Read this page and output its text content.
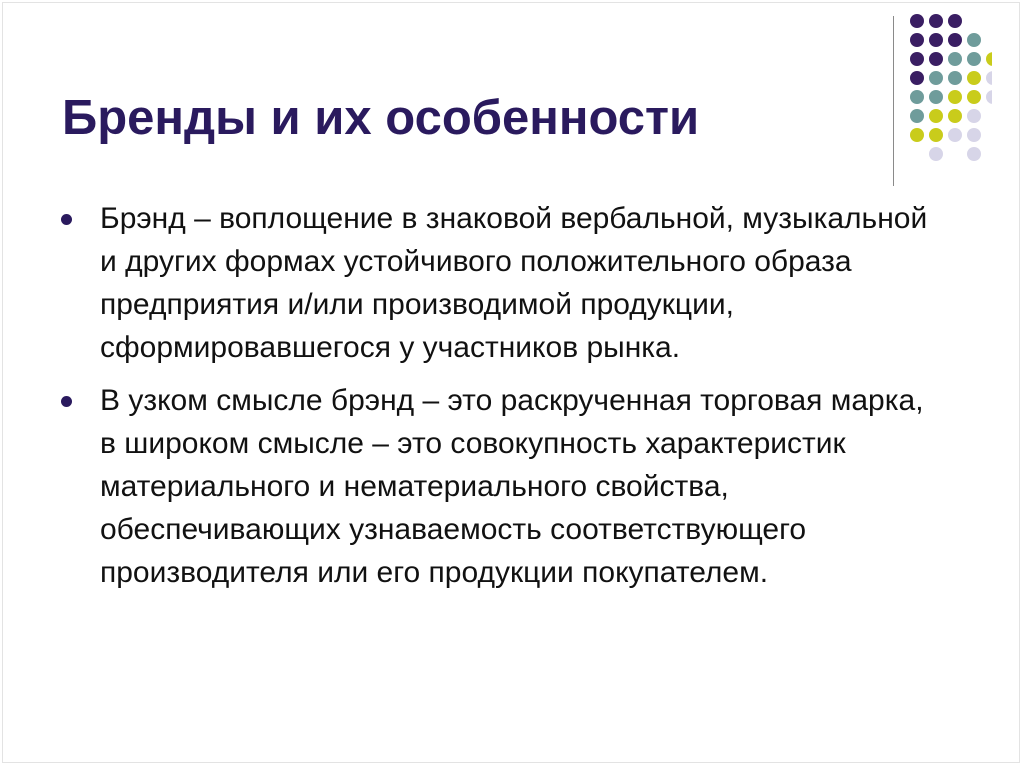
Бренды и их особенности
Брэнд – воплощение в знаковой вербальной, музыкальной и других формах устойчивого положительного образа предприятия и/или производимой продукции, сформировавшегося у участников рынка.
В узком смысле брэнд – это раскрученная торговая марка, в широком смысле – это совокупность характеристик материального и нематериального свойства, обеспечивающих узнаваемость соответствующего производителя или его продукции покупателем.
